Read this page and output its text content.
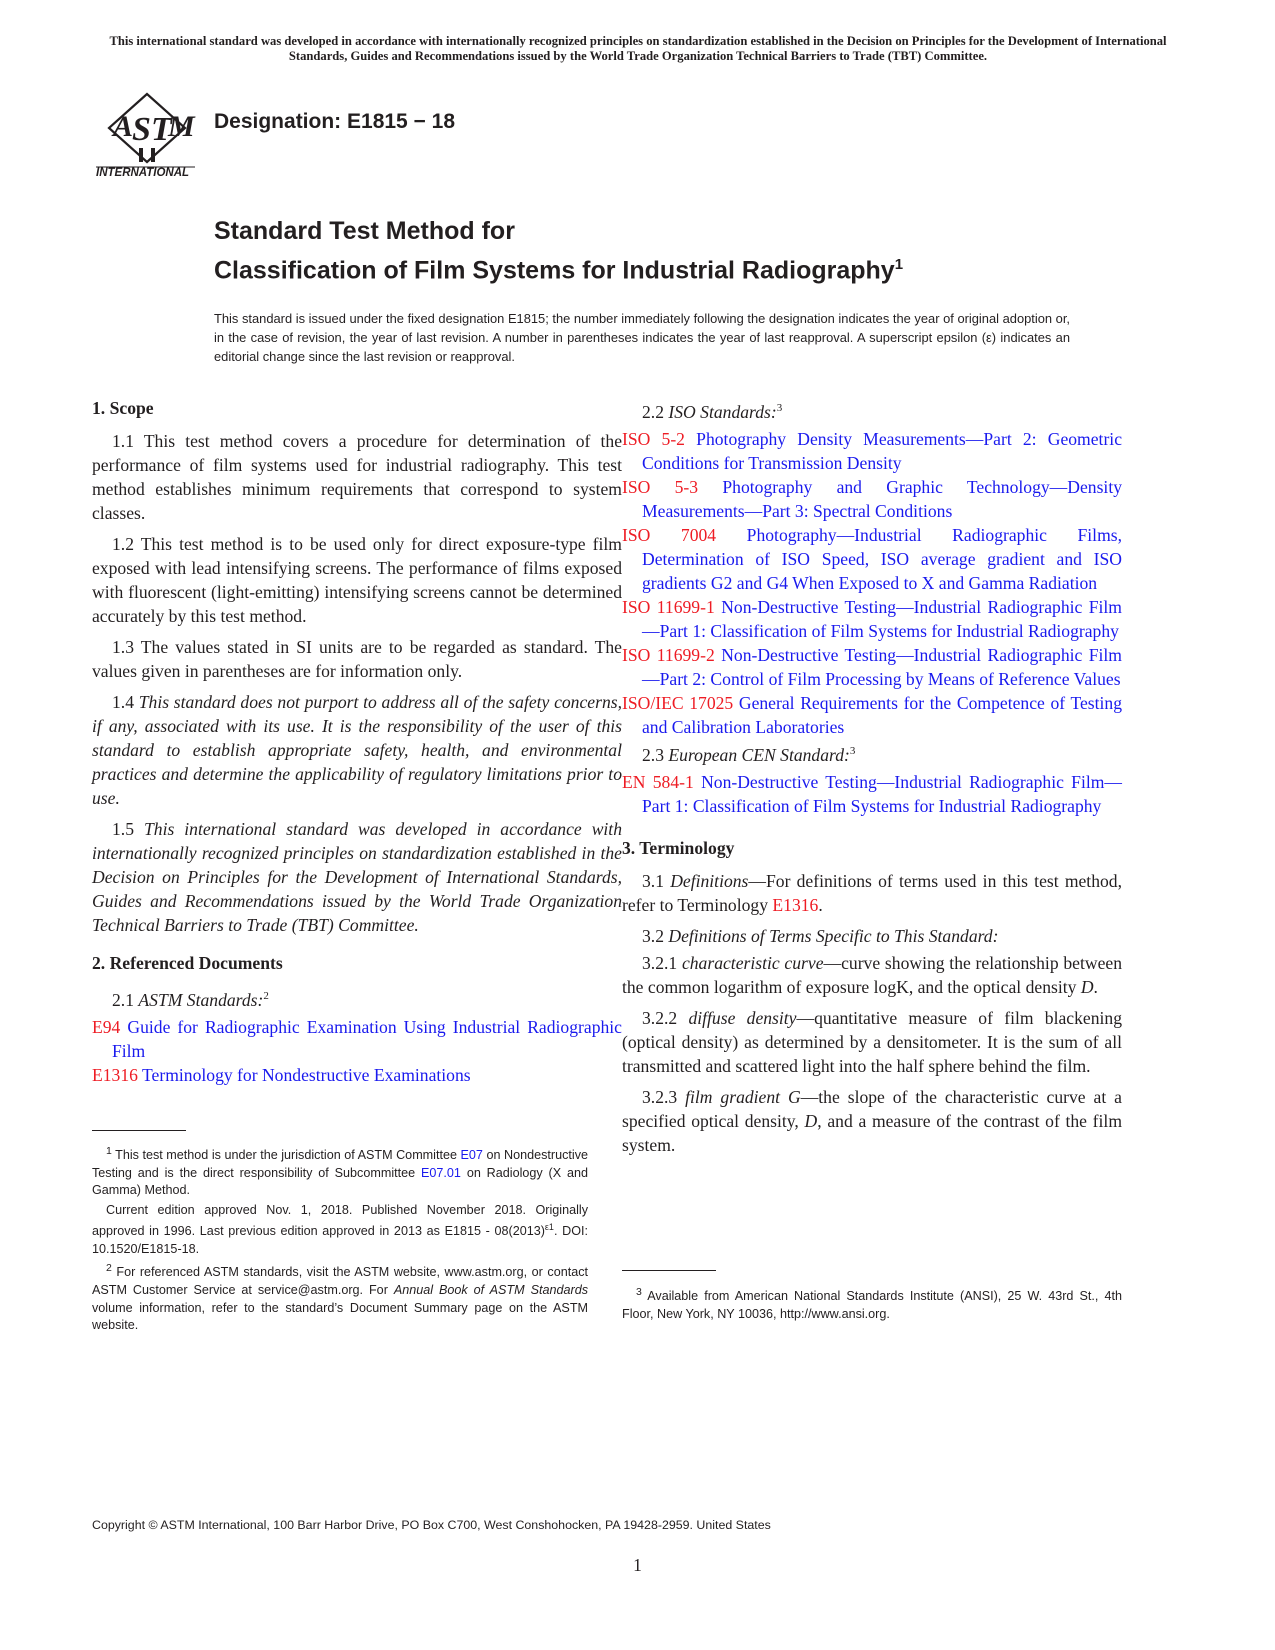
This international standard was developed in accordance with internationally recognized principles on standardization established in the Decision on Principles for the Development of International Standards, Guides and Recommendations issued by the World Trade Organization Technical Barriers to Trade (TBT) Committee.
A
S T
M
INTERNATIONAL
Designation: E1815 − 18
Standard Test Method for
Classification of Film Systems for Industrial Radiography$^1$
This standard is issued under the fixed designation E1815; the number immediately following the designation indicates the year of original adoption or, in the case of revision, the year of last revision. A number in parentheses indicates the year of last reapproval. A superscript epsilon (ε) indicates an editorial change since the last revision or reapproval.
1. Scope

1.1 This test method covers a procedure for determination of the performance of film systems used for industrial radiography. This test method establishes minimum requirements that correspond to system classes.

1.2 This test method is to be used only for direct exposure-type film exposed with lead intensifying screens. The performance of films exposed with fluorescent (light-emitting) intensifying screens cannot be determined accurately by this test method.

1.3 The values stated in SI units are to be regarded as standard. The values given in parentheses are for information only.

1.4 This standard does not purport to address all of the safety concerns, if any, associated with its use. It is the responsibility of the user of this standard to establish appropriate safety, health, and environmental practices and determine the applicability of regulatory limitations prior to use.

1.5 This international standard was developed in accordance with internationally recognized principles on standardization established in the Decision on Principles for the Development of International Standards, Guides and Recommendations issued by the World Trade Organization Technical Barriers to Trade (TBT) Committee.

2. Referenced Documents
2.1 ASTM Standards:$^2$
E94 Guide for Radiographic Examination Using Industrial Radiographic Film
E1316 Terminology for Nondestructive Examinations

$^1$ This test method is under the jurisdiction of ASTM Committee E07 on Nondestructive Testing and is the direct responsibility of Subcommittee E07.01 on Radiology (X and Gamma) Method.

Current edition approved Nov. 1, 2018. Published November 2018. Originally approved in 1996. Last previous edition approved in 2013 as $E1815 - 08(2013)^{\varepsilon 1}$. DOI: 10.1520/E1815-18.

$^2$ For referenced ASTM standards, visit the ASTM website, www.astm.org, or contact ASTM Customer Service at service@astm.org. For Annual Book of ASTM Standards volume information, refer to the standard’s Document Summary page on the ASTM website.

2.2 ISO Standards:$^3$
ISO 5-2 Photography Density Measurements—Part 2: Geometric Conditions for Transmission Density
ISO 5-3 Photography and Graphic Technology—Density Measurements—Part 3: Spectral Conditions
ISO 7004 Photography—Industrial Radiographic Films, Determination of ISO Speed, ISO average gradient and ISO gradients G2 and G4 When Exposed to X and Gamma Radiation
ISO 11699-1 Non-Destructive Testing—Industrial Radiographic Film—Part 1: Classification of Film Systems for Industrial Radiography
ISO 11699-2 Non-Destructive Testing—Industrial Radiographic Film—Part 2: Control of Film Processing by Means of Reference Values
ISO/IEC 17025 General Requirements for the Competence of Testing and Calibration Laboratories
2.3 European CEN Standard:$^3$
EN 584-1 Non-Destructive Testing—Industrial Radiographic Film—Part 1: Classification of Film Systems for Industrial Radiography
3. Terminology

3.1 Definitions—For definitions of terms used in this test method, refer to Terminology E1316.

3.2 Definitions of Terms Specific to This Standard:

3.2.1 characteristic curve—curve showing the relationship between the common logarithm of exposure logK, and the optical density D.

3.2.2 diffuse density—quantitative measure of film blackening (optical density) as determined by a densitometer. It is the sum of all transmitted and scattered light into the half sphere behind the film.

3.2.3 film gradient G—the slope of the characteristic curve at a specified optical density, D, and a measure of the contrast of the film system.

$^3$ Available from American National Standards Institute (ANSI), 25 W. 43rd St., 4th Floor, New York, NY 10036, http://www.ansi.org.

Copyright © ASTM International, 100 Barr Harbor Drive, PO Box C700, West Conshohocken, PA 19428-2959. United States
1
